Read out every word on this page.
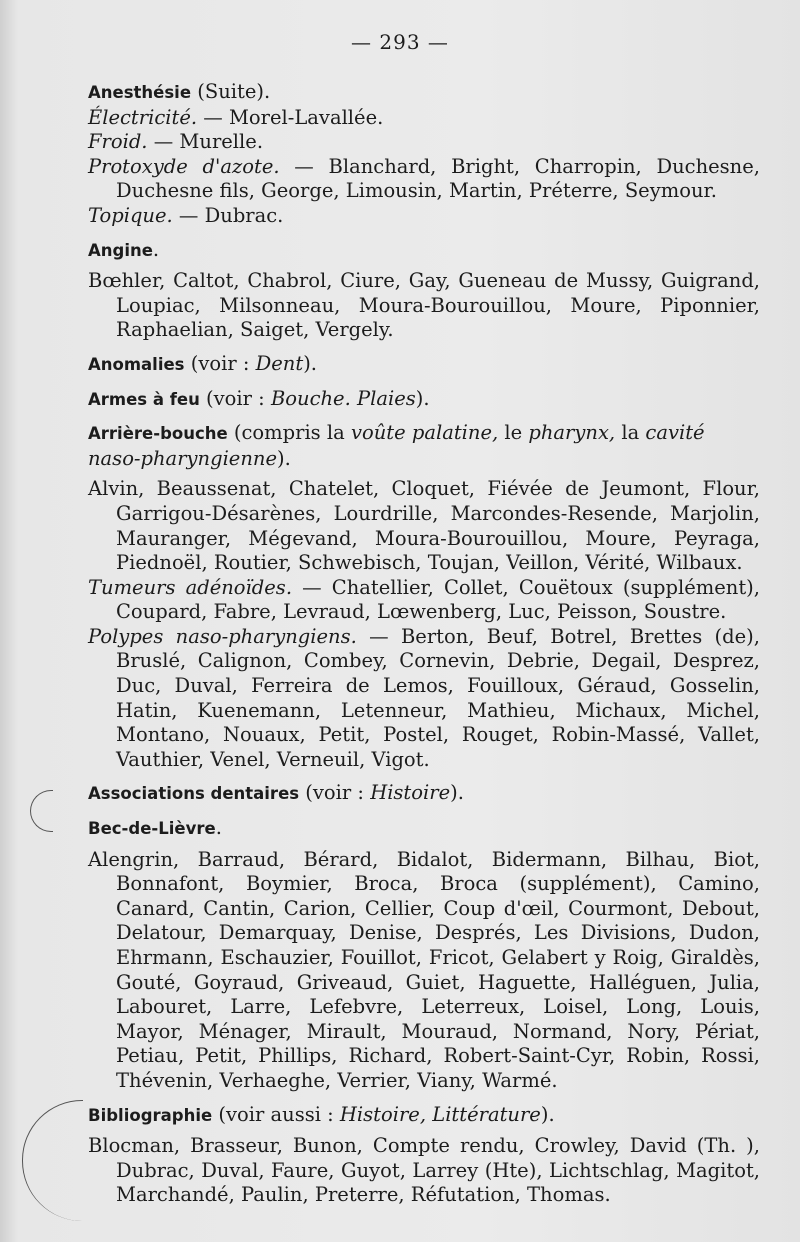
— 293 —

Anesthésie (Suite).

Électricité. — Morel-Lavallée.

Froid. — Murelle.

Protoxyde d'azote. — Blanchard, Bright, Charropin, Duchesne, Duchesne fils, George, Limousin, Martin, Préterre, Seymour.

Topique. — Dubrac.

Angine.

Bœhler, Caltot, Chabrol, Ciure, Gay, Gueneau de Mussy, Guigrand, Loupiac, Milsonneau, Moura-Bourouillou, Moure, Piponnier, Raphaelian, Saiget, Vergely.

Anomalies (voir : Dent).

Armes à feu (voir : Bouche. Plaies).

Arrière-bouche (compris la voûte palatine, le pharynx, la cavité naso-pharyngienne).

Alvin, Beaussenat, Chatelet, Cloquet, Fiévée de Jeumont, Flour, Garrigou-Désarènes, Lourdrille, Marcondes-Resende, Marjolin, Mauranger, Mégevand, Moura-Bourouillou, Moure, Peyraga, Piednoël, Routier, Schwebisch, Toujan, Veillon, Vérité, Wilbaux.

Tumeurs adénoïdes. — Chatellier, Collet, Couëtoux (supplément), Coupard, Fabre, Levraud, Lœwenberg, Luc, Peisson, Soustre.

Polypes naso-pharyngiens. — Berton, Beuf, Botrel, Brettes (de), Bruslé, Calignon, Combey, Cornevin, Debrie, Degail, Desprez, Duc, Duval, Ferreira de Lemos, Fouilloux, Géraud, Gosselin, Hatin, Kuenemann, Letenneur, Mathieu, Michaux, Michel, Montano, Nouaux, Petit, Postel, Rouget, Robin-Massé, Vallet, Vauthier, Venel, Verneuil, Vigot.

Associations dentaires (voir : Histoire).

Bec-de-Lièvre.

Alengrin, Barraud, Bérard, Bidalot, Bidermann, Bilhau, Biot, Bonnafont, Boymier, Broca, Broca (supplément), Camino, Canard, Cantin, Carion, Cellier, Coup d'œil, Courmont, Debout, Delatour, Demarquay, Denise, Després, Les Divisions, Dudon, Ehrmann, Eschauzier, Fouillot, Fricot, Gelabert y Roig, Giraldès, Gouté, Goyraud, Griveaud, Guiet, Haguette, Halléguen, Julia, Labouret, Larre, Lefebvre, Leterreux, Loisel, Long, Louis, Mayor, Ménager, Mirault, Mouraud, Normand, Nory, Périat, Petiau, Petit, Phillips, Richard, Robert-Saint-Cyr, Robin, Rossi, Thévenin, Verhaeghe, Verrier, Viany, Warmé.

Bibliographie (voir aussi : Histoire, Littérature).

Blocman, Brasseur, Bunon, Compte rendu, Crowley, David (Th. ), Dubrac, Duval, Faure, Guyot, Larrey (Hte), Lichtschlag, Magitot, Marchandé, Paulin, Preterre, Réfutation, Thomas.
